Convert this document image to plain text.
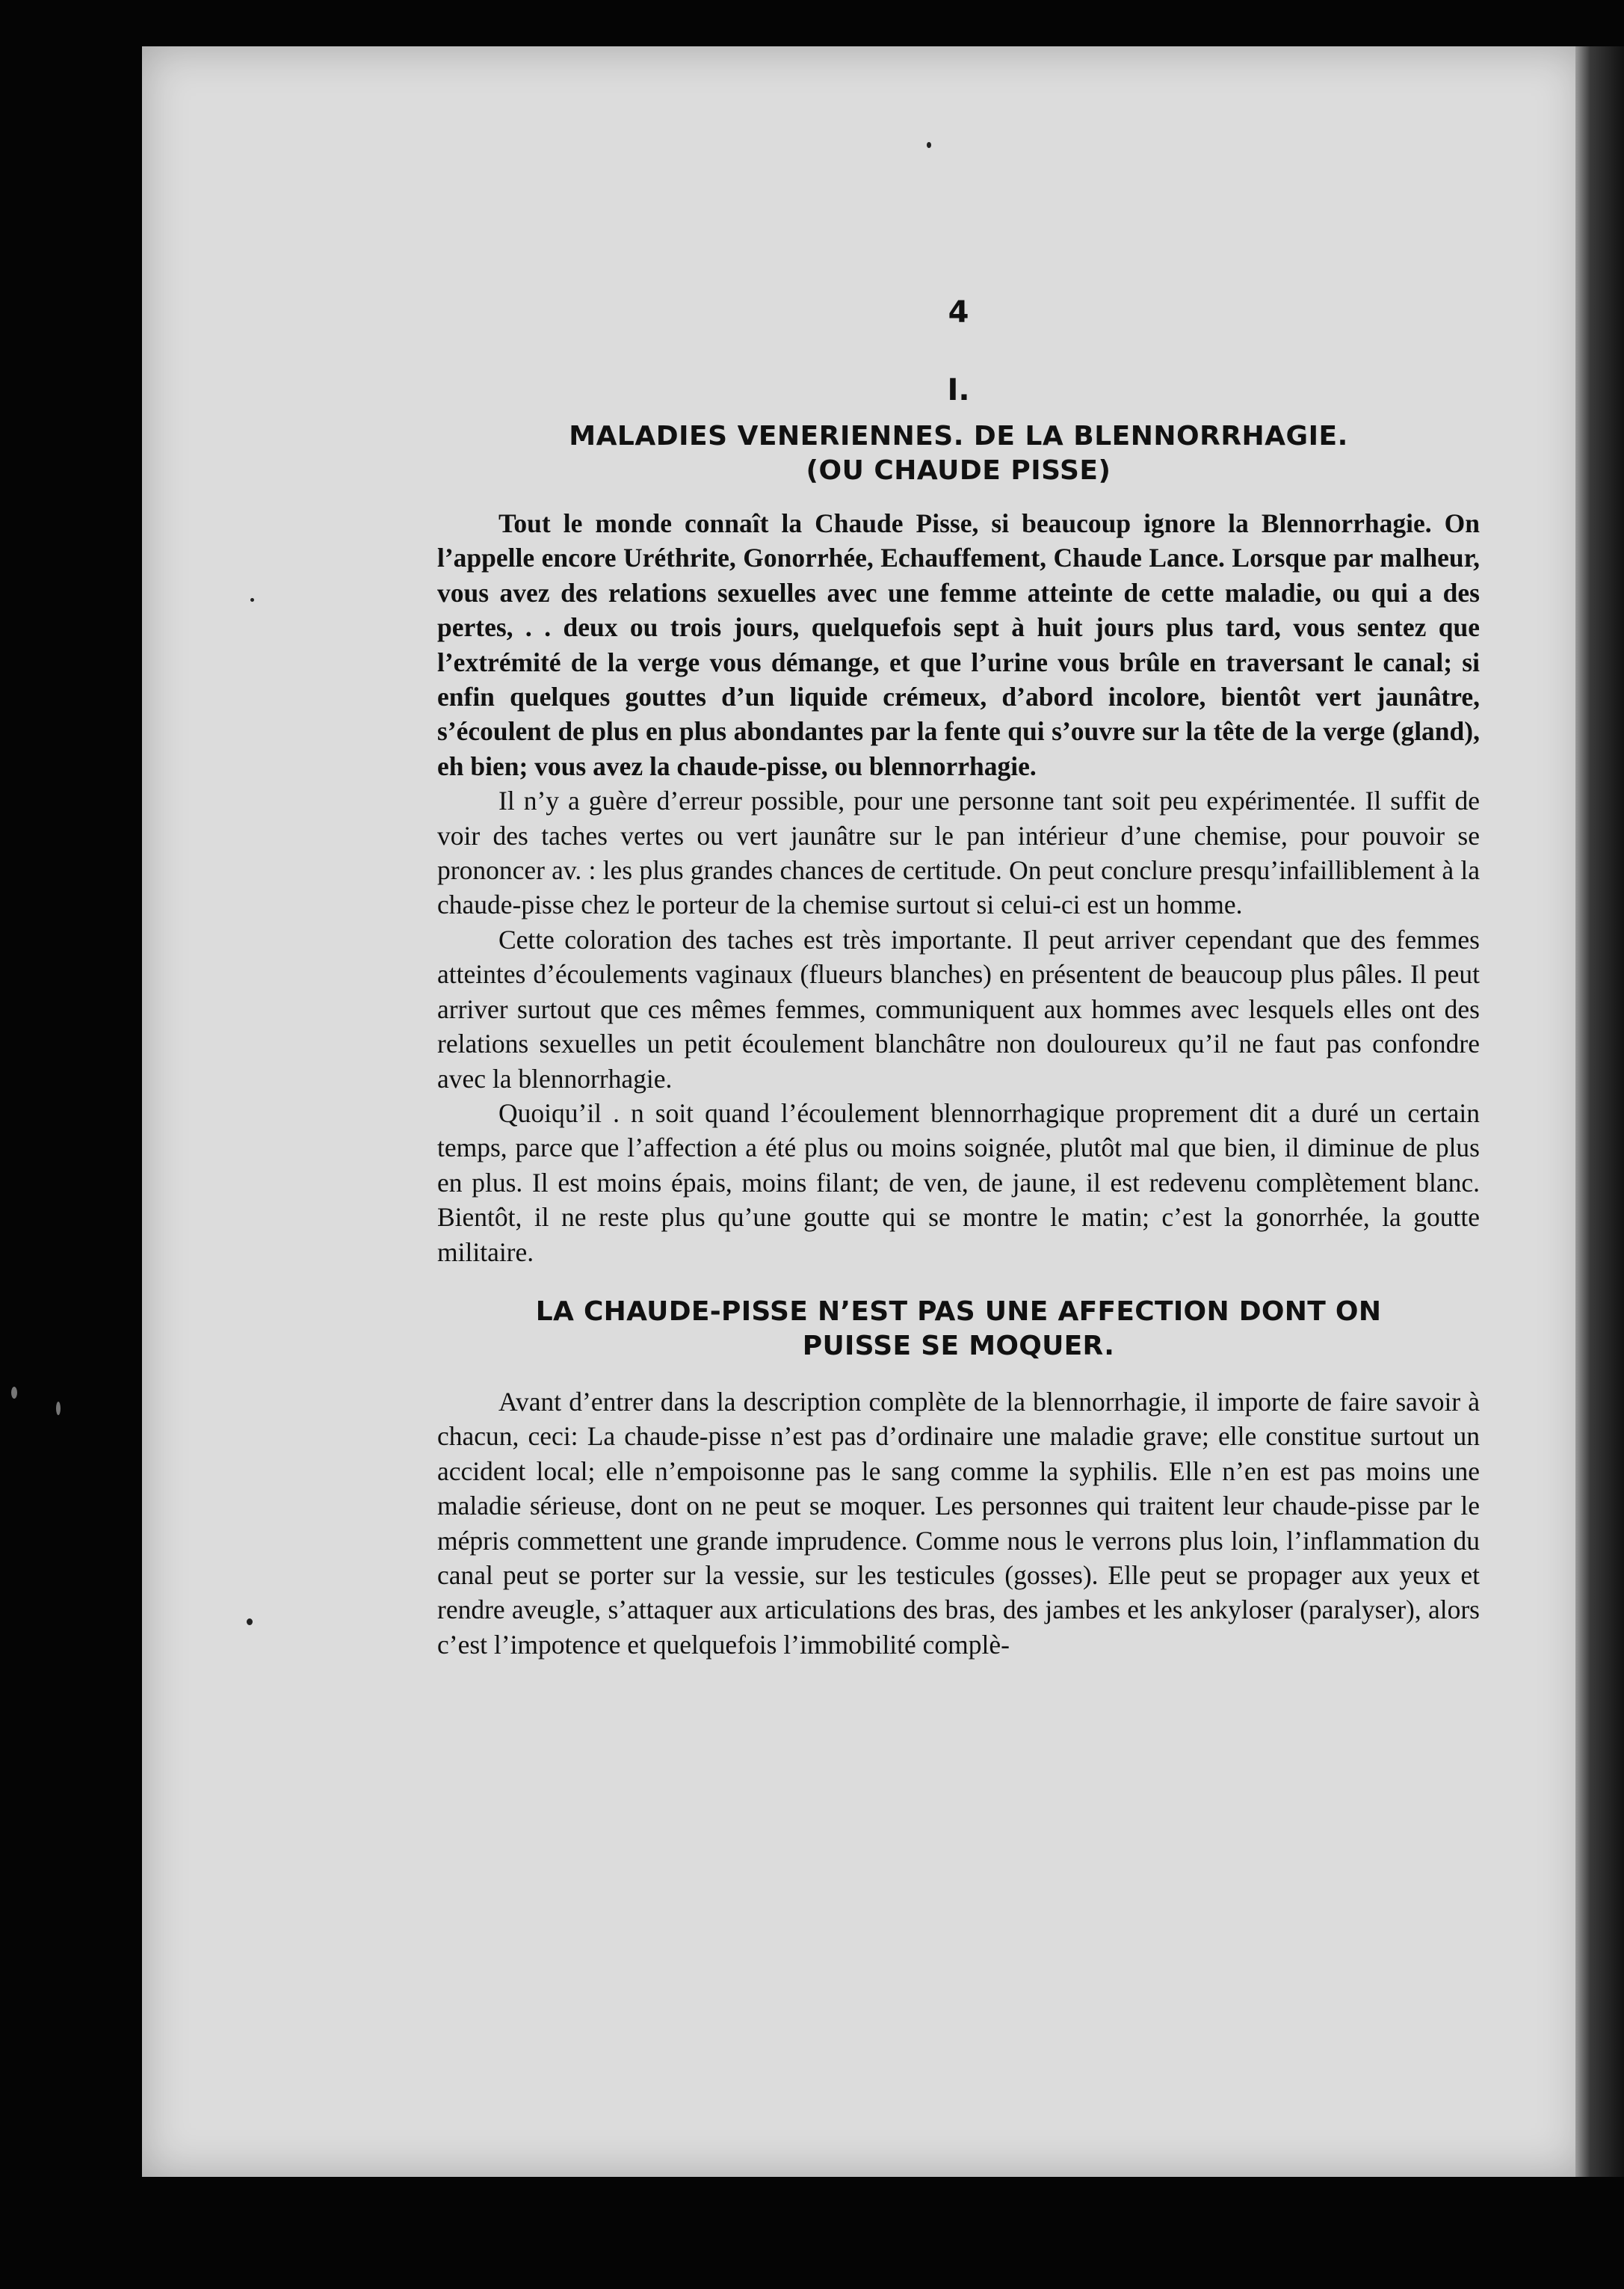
4
I.
MALADIES VENERIENNES. DE LA BLENNORRHAGIE.
(OU CHAUDE PISSE)

Tout le monde connaît la Chaude Pisse, si beaucoup ignore la Blennorrhagie. On l’appelle encore Uréthrite, Gonorrhée, Echauffement, Chaude Lance. Lorsque par malheur, vous avez des relations sexuelles avec une femme atteinte de cette maladie, ou qui a des pertes, . . deux ou trois jours, quelquefois sept à huit jours plus tard, vous sentez que l’extrémité de la verge vous démange, et que l’urine vous brûle en traversant le canal; si enfin quelques gouttes d’un liquide crémeux, d’abord incolore, bientôt vert jaunâtre, s’écoulent de plus en plus abondantes par la fente qui s’ouvre sur la tête de la verge (gland), eh bien; vous avez la chaude-pisse, ou blennorrhagie.

Il n’y a guère d’erreur possible, pour une personne tant soit peu expérimentée. Il suffit de voir des taches vertes ou vert jaunâtre sur le pan intérieur d’une chemise, pour pouvoir se prononcer av. : les plus grandes chances de certitude. On peut conclure presqu’infailliblement à la chaude-pisse chez le porteur de la chemise surtout si celui-ci est un homme.

Cette coloration des taches est très importante. Il peut arriver cependant que des femmes atteintes d’écoulements vaginaux (flueurs blanches) en présentent de beaucoup plus pâles. Il peut arriver surtout que ces mêmes femmes, communiquent aux hommes avec lesquels elles ont des relations sexuelles un petit écoulement blanchâtre non douloureux qu’il ne faut pas confondre avec la blennorrhagie.

Quoiqu’il . n soit quand l’écoulement blennorrhagique proprement dit a duré un certain temps, parce que l’affection a été plus ou moins soignée, plutôt mal que bien, il diminue de plus en plus. Il est moins épais, moins filant; de ven, de jaune, il est redevenu complètement blanc. Bientôt, il ne reste plus qu’une goutte qui se montre le matin; c’est la gonorrhée, la goutte militaire.

LA CHAUDE-PISSE N’EST PAS UNE AFFECTION DONT ON
PUISSE SE MOQUER.

Avant d’entrer dans la description complète de la blennorrhagie, il importe de faire savoir à chacun, ceci: La chaude-pisse n’est pas d’ordinaire une maladie grave; elle constitue surtout un accident local; elle n’empoisonne pas le sang comme la syphilis. Elle n’en est pas moins une maladie sérieuse, dont on ne peut se moquer. Les personnes qui traitent leur chaude-pisse par le mépris commettent une grande imprudence. Comme nous le verrons plus loin, l’inflammation du canal peut se porter sur la vessie, sur les testicules (gosses). Elle peut se propager aux yeux et rendre aveugle, s’attaquer aux articulations des bras, des jambes et les ankyloser (paralyser), alors c’est l’impotence et quelquefois l’immobilité complè-
